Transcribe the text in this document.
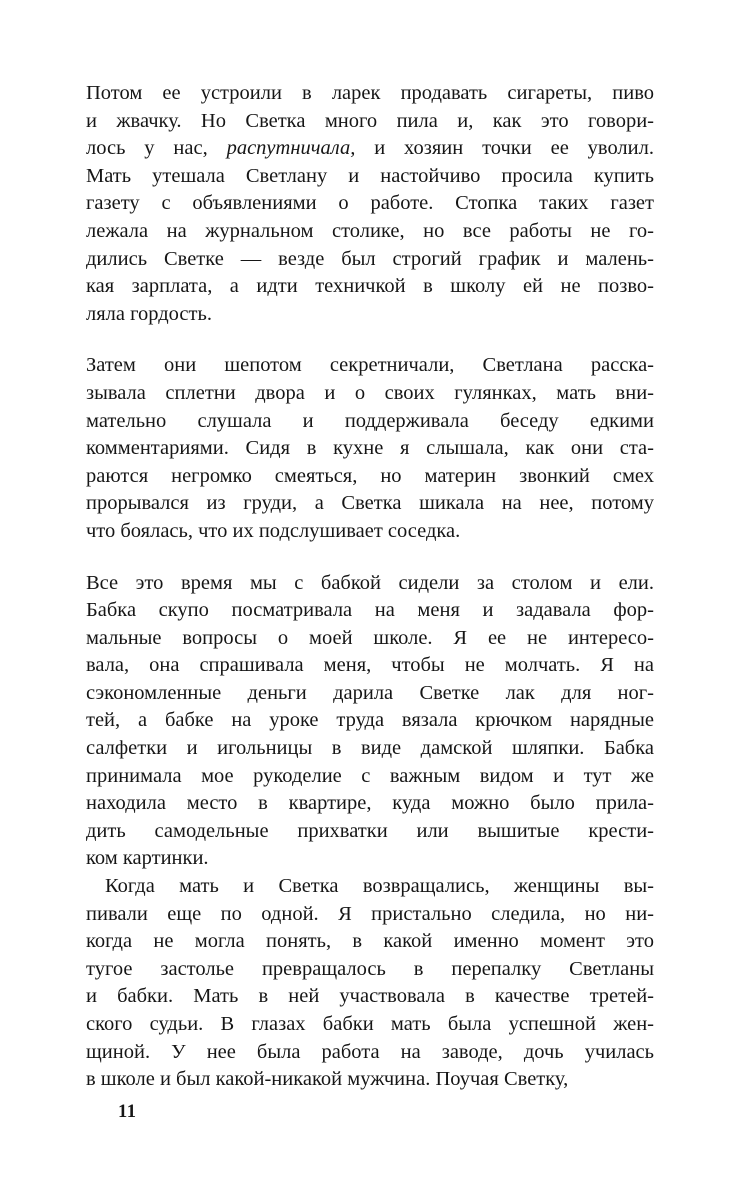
Потом ее устроили в ларек продавать сигареты, пиво
и жвачку. Но Светка много пила и, как это говори-
лось у нас, распутничала, и хозяин точки ее уволил.
Мать утешала Светлану и настойчиво просила купить
газету с объявлениями о работе. Стопка таких газет
лежала на журнальном столике, но все работы не го-
дились Светке — везде был строгий график и малень-
кая зарплата, а идти техничкой в школу ей не позво-
ляла гордость.
Затем они шепотом секретничали, Светлана расска-
зывала сплетни двора и о своих гулянках, мать вни-
мательно слушала и поддерживала беседу едкими
комментариями. Сидя в кухне я слышала, как они ста-
раются негромко смеяться, но материн звонкий смех
прорывался из груди, а Светка шикала на нее, потому
что боялась, что их подслушивает соседка.
Все это время мы с бабкой сидели за столом и ели.
Бабка скупо посматривала на меня и задавала фор-
мальные вопросы о моей школе. Я ее не интересо-
вала, она спрашивала меня, чтобы не молчать. Я на
сэкономленные деньги дарила Светке лак для ног-
тей, а бабке на уроке труда вязала крючком нарядные
салфетки и игольницы в виде дамской шляпки. Бабка
принимала мое рукоделие с важным видом и тут же
находила место в квартире, куда можно было прила-
дить самодельные прихватки или вышитые крести-
ком картинки.
Когда мать и Светка возвращались, женщины вы-
пивали еще по одной. Я пристально следила, но ни-
когда не могла понять, в какой именно момент это
тугое застолье превращалось в перепалку Светланы
и бабки. Мать в ней участвовала в качестве третей-
ского судьи. В глазах бабки мать была успешной жен-
щиной. У нее была работа на заводе, дочь училась
в школе и был какой-никакой мужчина. Поучая Светку,
11
